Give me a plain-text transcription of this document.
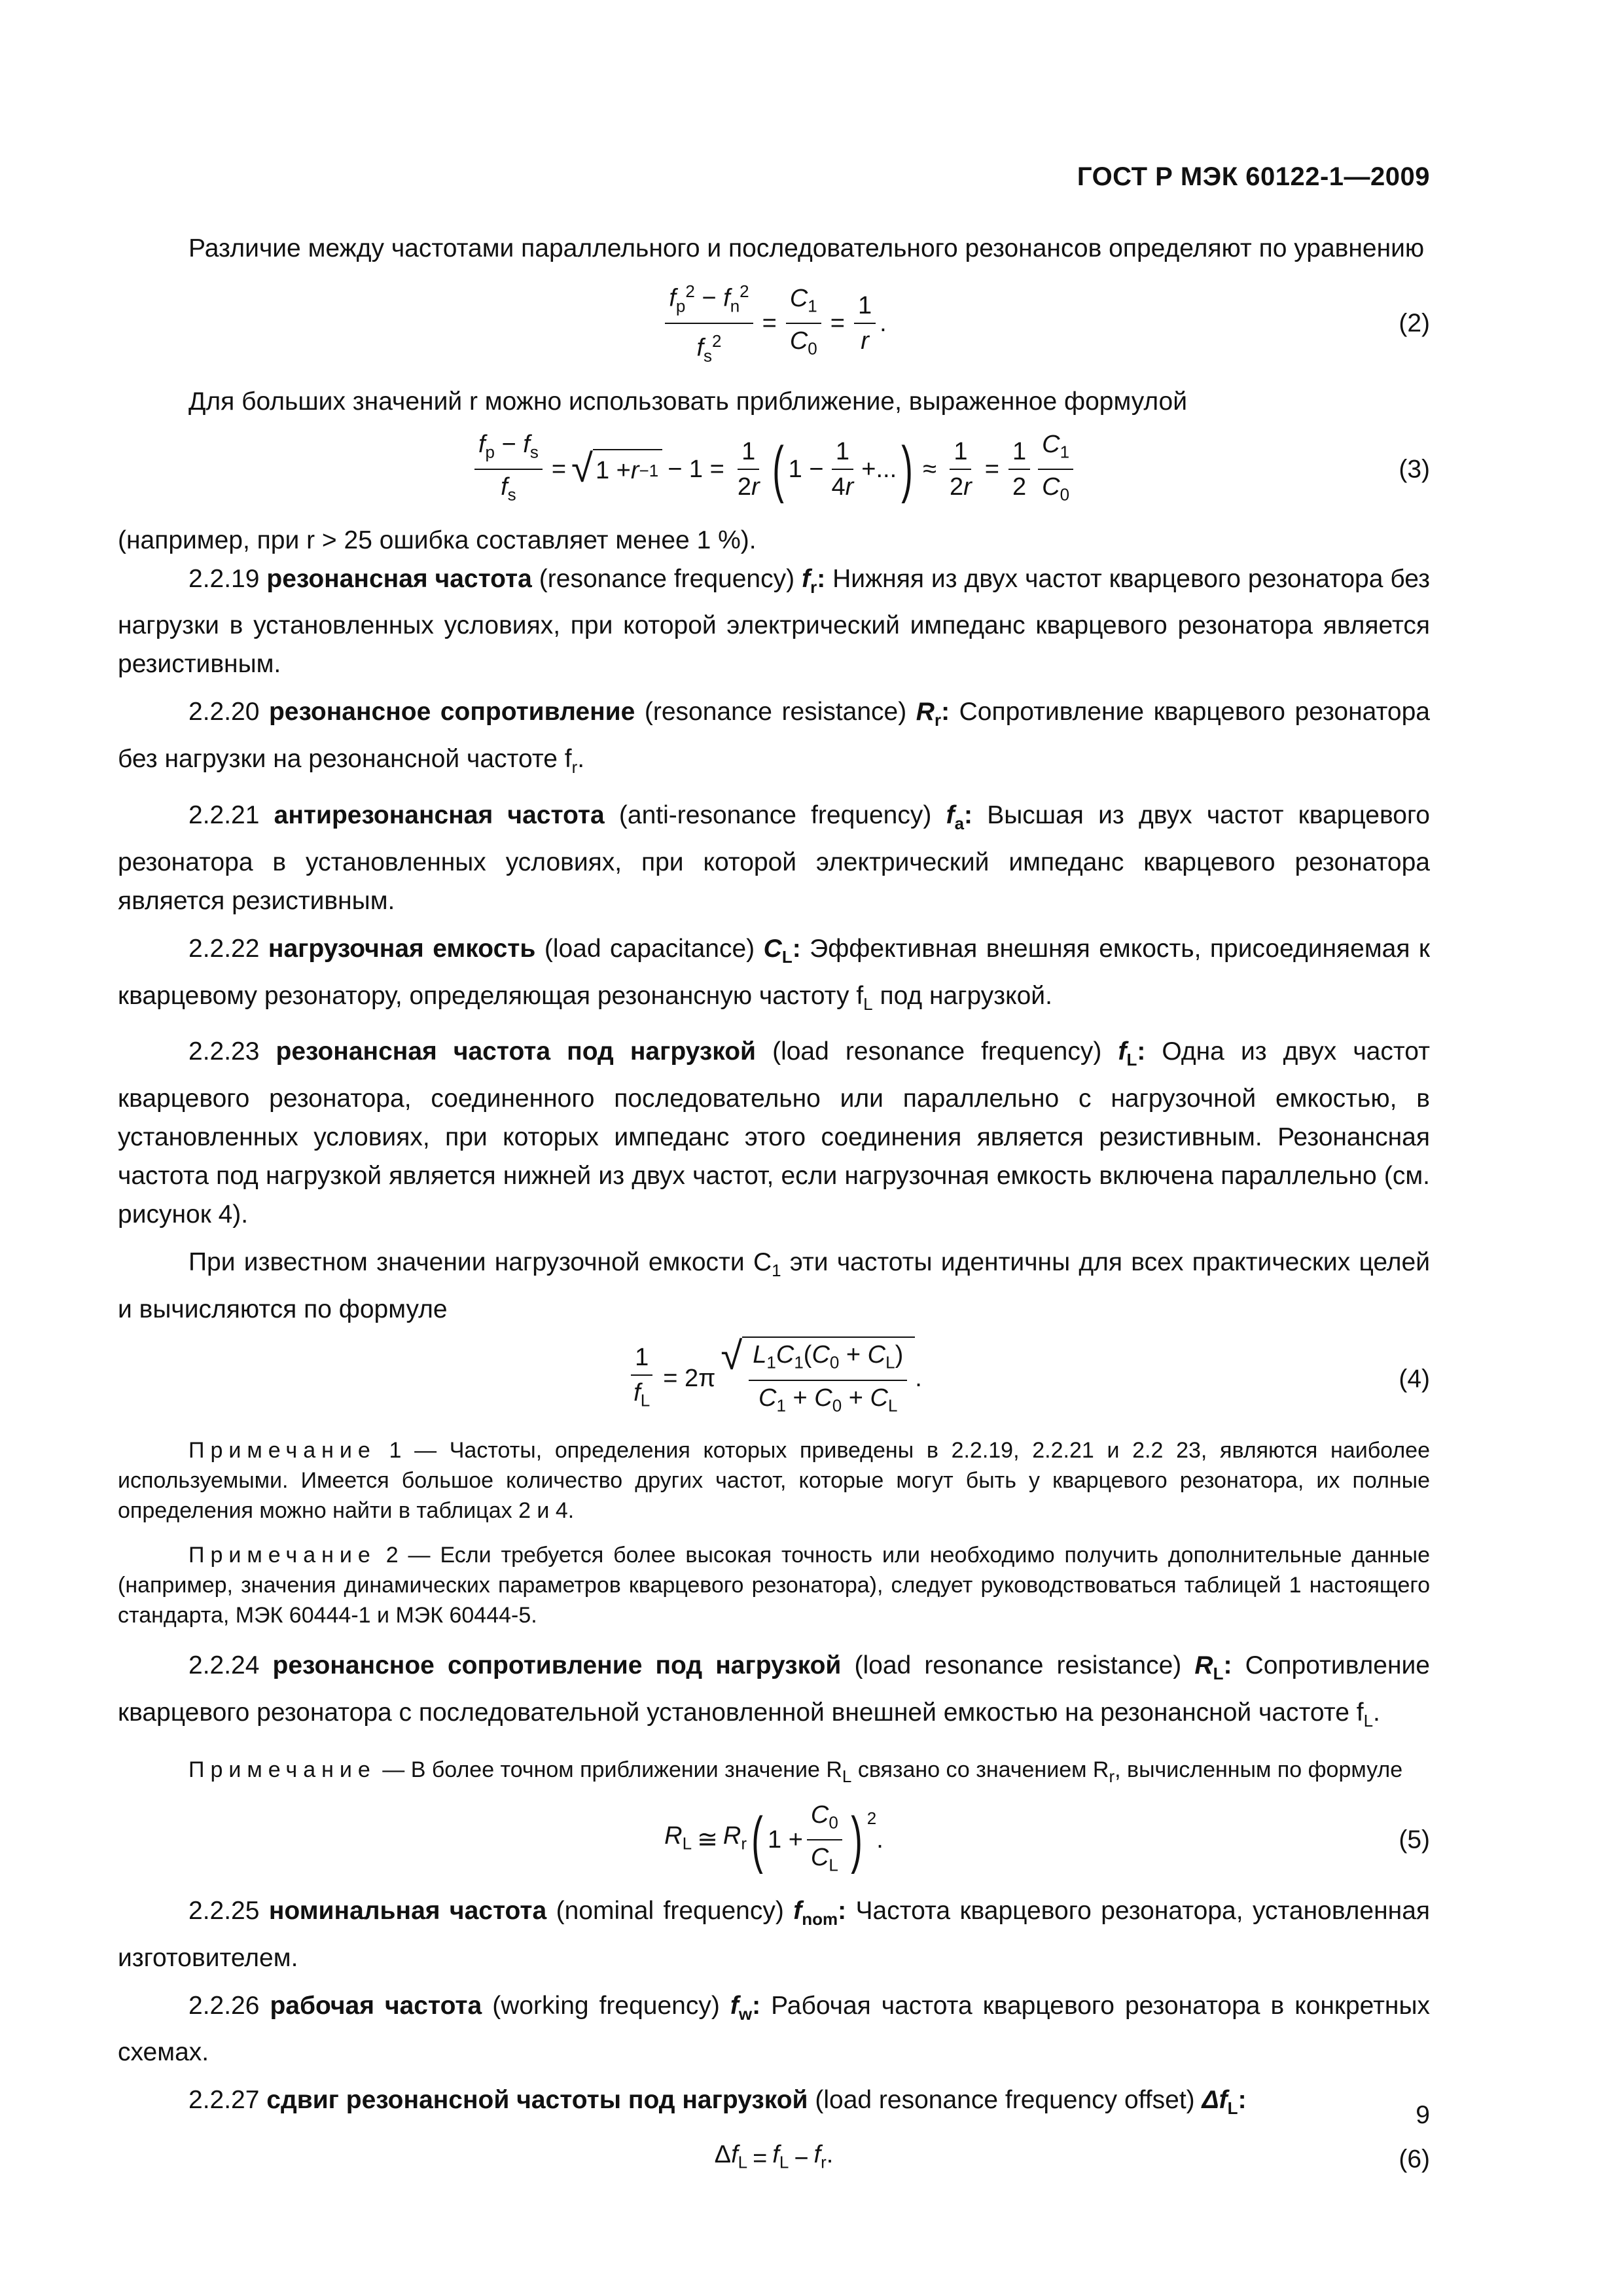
ГОСТ Р МЭК 60122-1—2009

Различие между частотами параллельного и последовательного резонансов определяют по уравнению

$\frac{f_p^2 - f_n^2}{f_s^2} = \frac{C_1}{C_0} = \frac{1}{r}$ .	(2)

Для больших значений r можно использовать приближение, выраженное формулой

$\frac{f_p - f_s}{f_s}$ = √ $1 + r -1 - 1 = \frac{1}{2r}$ ( $1 - \frac{1}{4r}$ +... ) ≈ $\frac{1}{2r} = \frac{1}{2} \frac{C_1}{C_0}$	(3)

(например, при r > 25 ошибка составляет менее 1 %).

2.2.19 резонансная частота (resonance frequency) $f_r$: Нижняя из двух частот кварцевого резонатора без нагрузки в установленных условиях, при которой электрический импеданс кварцевого резонатора является резистивным.

2.2.20 резонансное сопротивление (resonance resistance) $R_r$: Сопротивление кварцевого резонатора без нагрузки на резонансной частоте $f_r$.

2.2.21 антирезонансная частота (anti-resonance frequency) $f_a$: Высшая из двух частот кварцевого резонатора в установленных условиях, при которой электрический импеданс кварцевого резонатора является резистивным.

2.2.22 нагрузочная емкость (load capacitance) $C_L$: Эффективная внешняя емкость, присоединяемая к кварцевому резонатору, определяющая резонансную частоту $f_L$ под нагрузкой.

2.2.23 резонансная частота под нагрузкой (load resonance frequency) $f_L$: Одна из двух частот кварцевого резонатора, соединенного последовательно или параллельно с нагрузочной емкостью, в установленных условиях, при которых импеданс этого соединения является резистивным. Резонансная частота под нагрузкой является нижней из двух частот, если нагрузочная емкость включена параллельно (см. рисунок 4).

При известном значении нагрузочной емкости $C_1$ эти частоты идентичны для всех практических целей и вычисляются по формуле

$\frac{1}{f_L} = 2\pi$
√ $\frac{L_1C_1(C_0 + C_L)}{C_1 + C_0 + C_L}$ .	(4)
Примечание 1 — Частоты, определения которых приведены в 2.2.19, 2.2.21 и 2.2 23, являются наиболее используемыми. Имеется большое количество других частот, которые могут быть у кварцевого резонатора, их полные определения можно найти в таблицах 2 и 4.
Примечание 2 — Если требуется более высокая точность или необходимо получить дополнительные данные (например, значения динамических параметров кварцевого резонатора), следует руководствоваться таблицей 1 настоящего стандарта, МЭК 60444-1 и МЭК 60444-5.

2.2.24 резонансное сопротивление под нагрузкой (load resonance resistance) $R_L$: Сопротивление кварцевого резонатора с последовательной установленной внешней емкостью на резонансной частоте $f_L$.

Примечание — В более точном приближении значение $R_L$ связано со значением $R_r$, вычисленным по формуле
$R_L$ ≅ $R_r$ ( $1 + \frac{C_0}{C_L}$ ) $^2$
.	(5)

2.2.25 номинальная частота (nominal frequency) $f_{nom}$: Частота кварцевого резонатора, установленная изготовителем.

2.2.26 рабочая частота (working frequency) $f_w$: Рабочая частота кварцевого резонатора в конкретных схемах.

2.2.27 сдвиг резонансной частоты под нагрузкой (load resonance frequency offset) $\Delta f_L$:

$\Delta f_L = f_L - f_r$.	(6)
9
